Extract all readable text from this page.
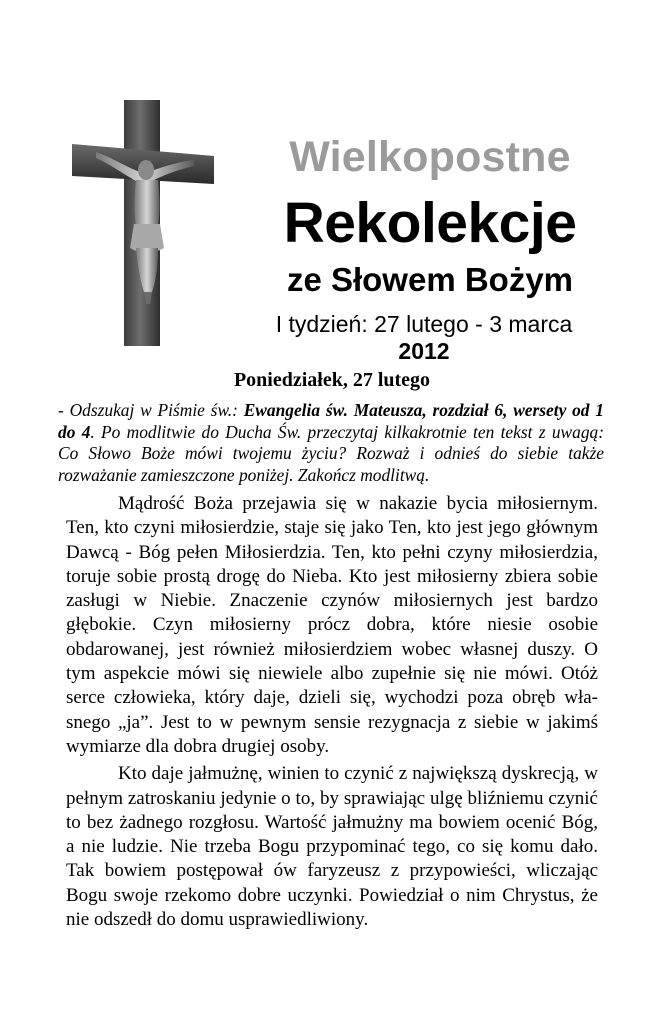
Wielkopostne
Rekolekcje
ze Słowem Bożym
I tydzień: 27 lutego - 3 marca 2012
Poniedziałek, 27 lutego
- Odszukaj w Piśmie św.: Ewangelia św. Mateusza, rozdział 6, wersety od 1 do 4. Po modlitwie do Ducha Św. przeczytaj kilkakrotnie ten tekst z uwagą: Co Słowo Boże mówi twojemu życiu? Rozważ i odnieś do siebie także rozważanie zamieszczone poniżej. Zakończ modlitwą.

Mądrość Boża przejawia się w nakazie bycia miłosiernym. Ten, kto czyni miłosierdzie, staje się jako Ten, kto jest jego głównym Dawcą - Bóg pełen Miłosierdzia. Ten, kto pełni czyny miłosierdzia, toruje sobie prostą drogę do Nieba. Kto jest miłosierny zbiera sobie zasługi w Niebie. Znaczenie czynów miłosiernych jest bardzo głębokie. Czyn miłosierny prócz dobra, które niesie osobie obdarowanej, jest również miłosierdziem wobec własnej duszy. O tym aspekcie mówi się niewiele albo zupełnie się nie mówi. Otóż serce człowieka, który daje, dzieli się, wychodzi poza obręb własnego „ja”. Jest to w pewnym sensie rezygnacja z siebie w jakimś wymiarze dla dobra drugiej osoby.

Kto daje jałmużnę, winien to czynić z największą dyskrecją, w pełnym zatroskaniu jedynie o to, by sprawiając ulgę bliźniemu czynić to bez żadnego rozgłosu. Wartość jałmużny ma bowiem ocenić Bóg, a nie ludzie. Nie trzeba Bogu przypominać tego, co się komu dało. Tak bowiem postępował ów faryzeusz z przypowieści, wliczając Bogu swoje rzekomo dobre uczynki. Powiedział o nim Chrystus, że nie odszedł do domu usprawiedliwiony.
